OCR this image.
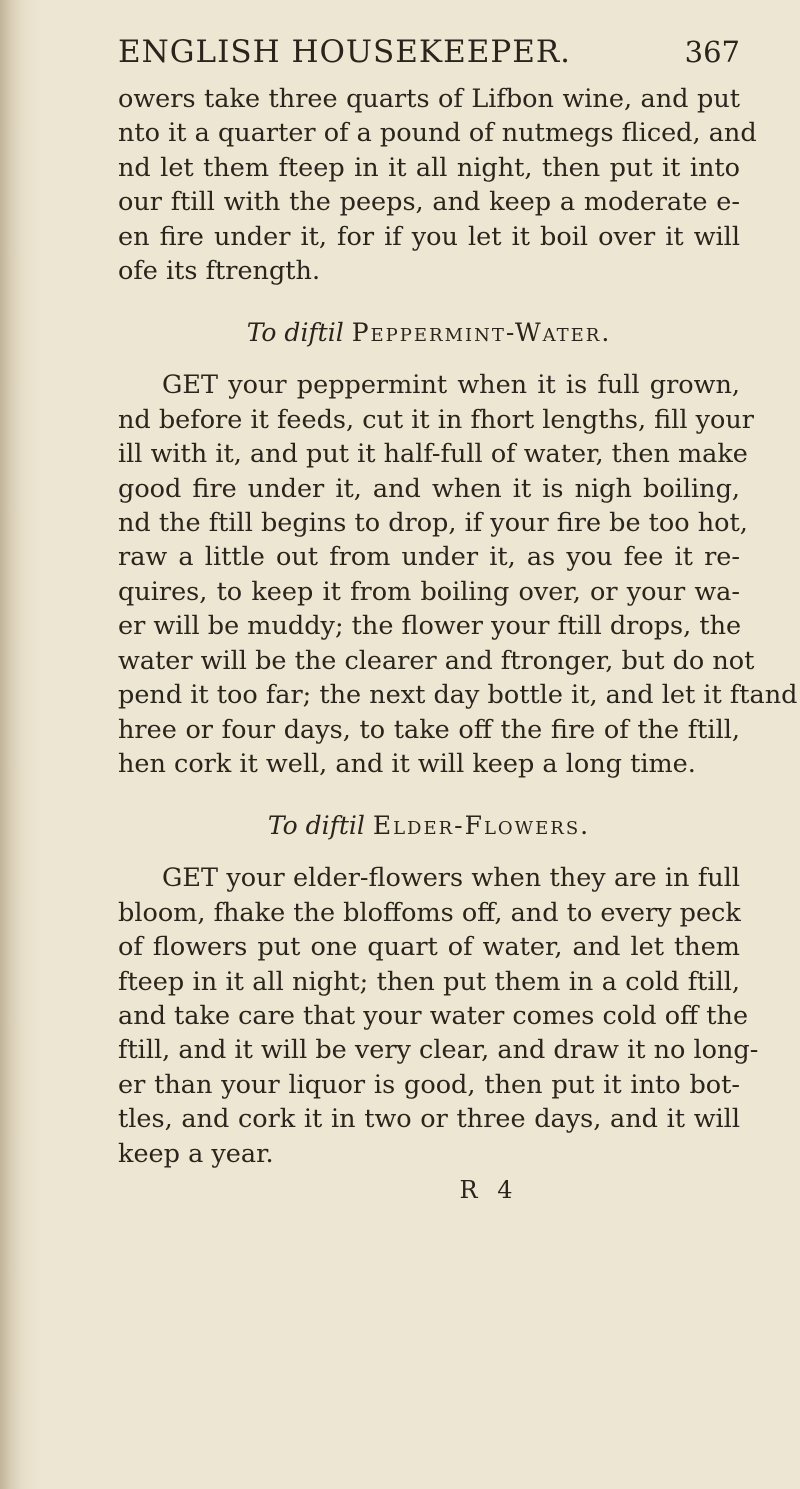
ENGLISH HOUSEKEEPER.	367

owers take three quarts of Lifbon wine, and put
nto it a quarter of a pound of nutmegs fliced, and
nd let them fteep in it all night, then put it into
our ftill with the peeps, and keep a moderate e-
en fire under it, for if you let it boil over it will
ofe its ftrength.

To diftil Peppermint-Water.

GET your peppermint when it is full grown,
nd before it feeds, cut it in fhort lengths, fill your
ill with it, and put it half-full of water, then make
good fire under it, and when it is nigh boiling,
nd the ftill begins to drop, if your fire be too hot,
raw a little out from under it, as you fee it re-
quires, to keep it from boiling over, or your wa-
er will be muddy; the flower your ftill drops, the
water will be the clearer and ftronger, but do not
pend it too far; the next day bottle it, and let it ftand
hree or four days, to take off the fire of the ftill,
hen cork it well, and it will keep a long time.

To diftil Elder-Flowers.

GET your elder-flowers when they are in full
bloom, fhake the bloffoms off, and to every peck
of flowers put one quart of water, and let them
fteep in it all night; then put them in a cold ftill,
and take care that your water comes cold off the
ftill, and it will be very clear, and draw it no long-
er than your liquor is good, then put it into bot-
tles, and cork it in two or three days, and it will
keep a year.

R 4
